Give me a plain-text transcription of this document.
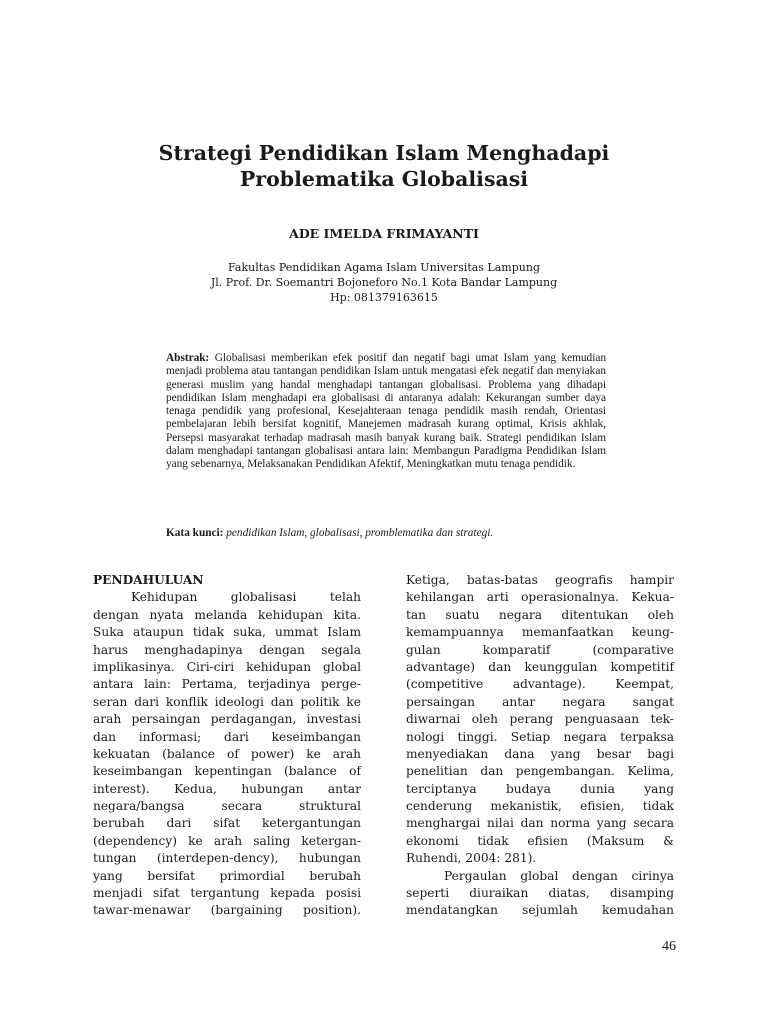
Strategi Pendidikan Islam Menghadapi
Problematika Globalisasi

ADE IMELDA FRIMAYANTI

Fakultas Pendidikan Agama Islam Universitas Lampung
Jl. Prof. Dr. Soemantri Bojoneforo No.1 Kota Bandar Lampung
Hp: 081379163615

Abstrak: Globalisasi memberikan efek positif dan negatif bagi umat Islam yang kemudian menjadi problema atau tantangan pendidikan Islam untuk mengatasi efek negatif dan menyiakan generasi muslim yang handal menghadapi tantangan globalisasi. Problema yang dihadapi pendidikan Islam menghadapi era globalisasi di antaranya adalah: Kekurangan sumber daya tenaga pendidik yang profesional, Kesejahteraan tenaga pendidik masih rendah, Orientasi pembelajaran lebih bersifat kognitif, Manejemen madrasah kurang optimal, Krisis akhlak, Persepsi masyarakat terhadap madrasah masih banyak kurang baik. Strategi pendidikan Islam dalam menghadapi tantangan globalisasi antara lain: Membangun Paradigma Pendidikan Islam yang sebenarnya, Melaksanakan Pendidikan Afektif, Meningkatkan mutu tenaga pendidik.

Kata kunci: pendidikan Islam, globalisasi, promblematika dan strategi.

PENDAHULUAN
Kehidupan globalisasi telah
dengan nyata melanda kehidupan kita.
Suka ataupun tidak suka, ummat Islam
harus menghadapinya dengan segala
implikasinya. Ciri-ciri kehidupan global
antara lain: Pertama, terjadinya perge-
seran dari konflik ideologi dan politik ke
arah persaingan perdagangan, investasi
dan informasi; dari keseimbangan
kekuatan (balance of power) ke arah
keseimbangan kepentingan (balance of
interest). Kedua, hubungan antar
negara/bangsa secara struktural
berubah dari sifat ketergantungan
(dependency) ke arah saling ketergan-
tungan (interdepen-dency), hubungan
yang bersifat primordial berubah
menjadi sifat tergantung kepada posisi
tawar-menawar (bargaining position).
Ketiga, batas-batas geografis hampir
kehilangan arti operasionalnya. Kekua-
tan suatu negara ditentukan oleh
kemampuannya memanfaatkan keung-
gulan komparatif (comparative
advantage) dan keunggulan kompetitif
(competitive advantage). Keempat,
persaingan antar negara sangat
diwarnai oleh perang penguasaan tek-
nologi tinggi. Setiap negara terpaksa
menyediakan dana yang besar bagi
penelitian dan pengembangan. Kelima,
terciptanya budaya dunia yang
cenderung mekanistik, efisien, tidak
menghargai nilai dan norma yang secara
ekonomi tidak efisien (Maksum &
Ruhendi, 2004: 281).
Pergaulan global dengan cirinya
seperti diuraikan diatas, disamping
mendatangkan sejumlah kemudahan
46
